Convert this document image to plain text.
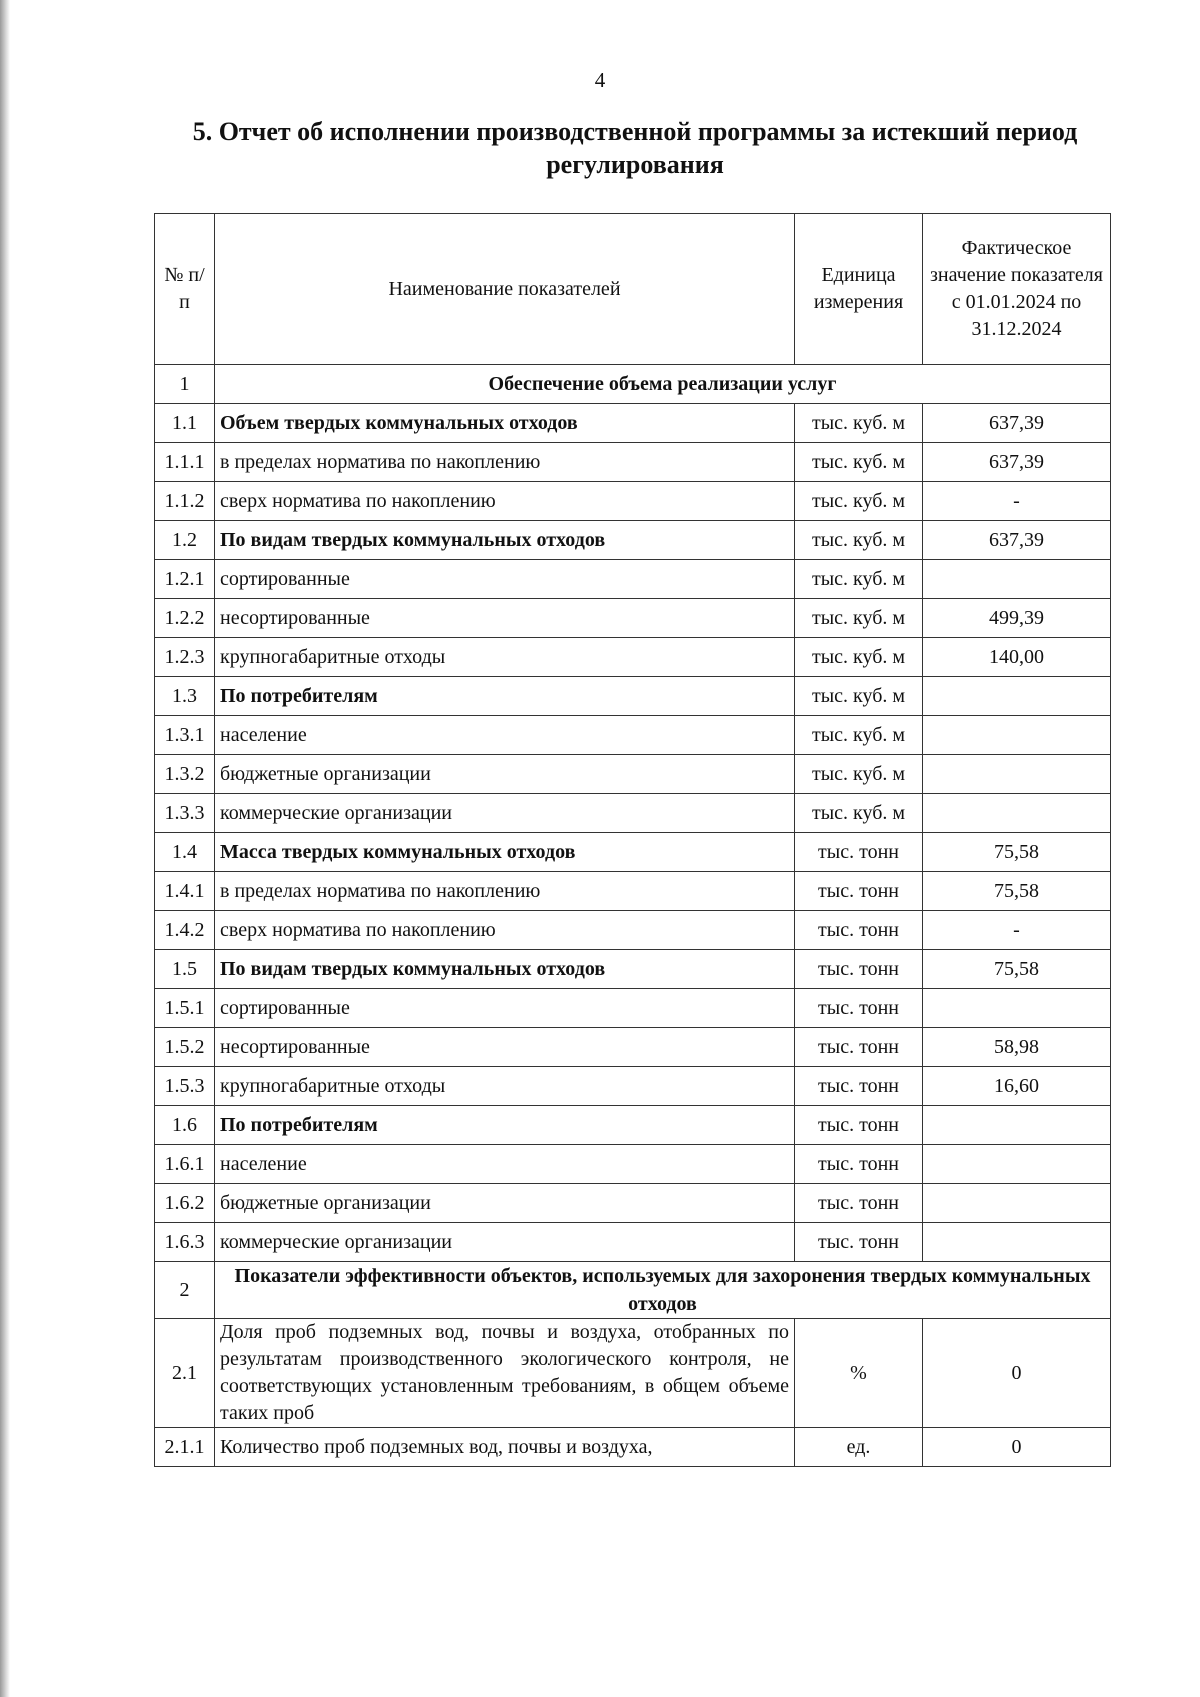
4
5. Отчет об исполнении производственной программы за истекший период регулирования
№ п/п	Наименование показателей	Единица измерения	Фактическое значение показателя с 01.01.2024 по 31.12.2024
1	Обеспечение объема реализации услуг		
1.1	Объем твердых коммунальных отходов	тыс. куб. м	637,39
1.1.1	в пределах норматива по накоплению	тыс. куб. м	637,39
1.1.2	сверх норматива по накоплению	тыс. куб. м	-
1.2	По видам твердых коммунальных отходов	тыс. куб. м	637,39
1.2.1	сортированные	тыс. куб. м	
1.2.2	несортированные	тыс. куб. м	499,39
1.2.3	крупногабаритные отходы	тыс. куб. м	140,00
1.3	По потребителям	тыс. куб. м	
1.3.1	население	тыс. куб. м	
1.3.2	бюджетные организации	тыс. куб. м	
1.3.3	коммерческие организации	тыс. куб. м	
1.4	Масса твердых коммунальных отходов	тыс. тонн	75,58
1.4.1	в пределах норматива по накоплению	тыс. тонн	75,58
1.4.2	сверх норматива по накоплению	тыс. тонн	-
1.5	По видам твердых коммунальных отходов	тыс. тонн	75,58
1.5.1	сортированные	тыс. тонн	
1.5.2	несортированные	тыс. тонн	58,98
1.5.3	крупногабаритные отходы	тыс. тонн	16,60
1.6	По потребителям	тыс. тонн	
1.6.1	население	тыс. тонн	
1.6.2	бюджетные организации	тыс. тонн	
1.6.3	коммерческие организации	тыс. тонн	
2	Показатели эффективности объектов, используемых для захоронения твердых коммунальных отходов		
2.1	Доля проб подземных вод, почвы и воздуха, отобранных по результатам производственного экологического контроля, не соответствующих установленным требованиям, в общем объеме таких проб	%	0
2.1.1	Количество проб подземных вод, почвы и воздуха,	ед.	0
